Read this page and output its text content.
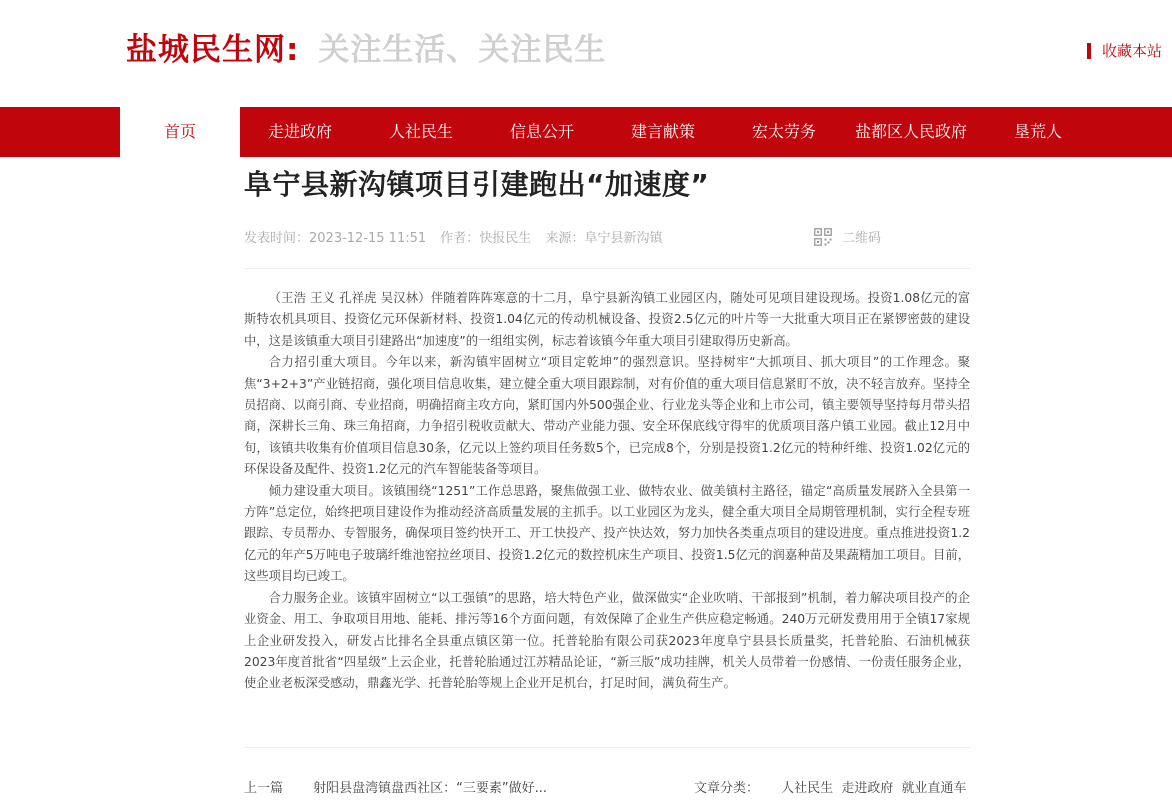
盐城民生网 : 关注生活、关注民生	收藏本站
首页	走进政府	人社民生	信息公开	建言献策	宏太劳务	盐都区人民政府	垦荒人
阜宁县新沟镇项目引建跑出“加速度”
发表时间：2023-12-15 11:51 作者：快报民生 来源：阜宁县新沟镇	二维码

（王浩 王义 孔祥虎 吴汉林）伴随着阵阵寒意的十二月，阜宁县新沟镇工业园区内，随处可见项目建设现场。投资1.08亿元的富斯特农机具项目、投资亿元环保新材料、投资1.04亿元的传动机械设备、投资2.5亿元的叶片等一大批重大项目正在紧锣密鼓的建设中，这是该镇重大项目引建路出“加速度”的一组组实例，标志着该镇今年重大项目引建取得历史新高。

合力招引重大项目。今年以来，新沟镇牢固树立“项目定乾坤”的强烈意识。坚持树牢“大抓项目、抓大项目”的工作理念。聚焦“3+2+3”产业链招商，强化项目信息收集，建立健全重大项目跟踪制，对有价值的重大项目信息紧盯不放，决不轻言放弃。坚持全员招商、以商引商、专业招商，明确招商主攻方向，紧盯国内外500强企业、行业龙头等企业和上市公司，镇主要领导坚持每月带头招商，深耕长三角、珠三角招商，力争招引税收贡献大、带动产业能力强、安全环保底线守得牢的优质项目落户镇工业园。截止12月中旬，该镇共收集有价值项目信息30条，亿元以上签约项目任务数5个，已完成8个，分别是投资1.2亿元的特种纤维、投资1.02亿元的环保设备及配件、投资1.2亿元的汽车智能装备等项目。

倾力建设重大项目。该镇围绕“1251”工作总思路，聚焦做强工业、做特农业、做美镇村主路径，锚定“高质量发展跻入全县第一方阵”总定位，始终把项目建设作为推动经济高质量发展的主抓手。以工业园区为龙头，健全重大项目全局期管理机制，实行全程专班跟踪、专员帮办、专智服务，确保项目签约快开工、开工快投产、投产快达效，努力加快各类重点项目的建设进度。重点推进投资1.2亿元的年产5万吨电子玻璃纤维池窑拉丝项目、投资1.2亿元的数控机床生产项目、投资1.5亿元的润嘉种苗及果蔬精加工项目。目前，这些项目均已竣工。

合力服务企业。该镇牢固树立“以工强镇”的思路，培大特色产业，做深做实“企业吹哨、干部报到”机制，着力解决项目投产的企业资金、用工、争取项目用地、能耗、排污等16个方面问题，有效保障了企业生产供应稳定畅通。240万元研发费用用于全镇17家规上企业研发投入，研发占比排名全县重点镇区第一位。托普轮胎有限公司获2023年度阜宁县县长质量奖，托普轮胎、石油机械获2023年度首批省“四星级”上云企业，托普轮胎通过江苏精品论证，“新三版”成功挂牌，机关人员带着一份感情、一份责任服务企业，使企业老板深受感动，鼎鑫光学、托普轮胎等规上企业开足机台，打足时间，满负荷生产。

上一篇 射阳县盘湾镇盘西社区：“三要素”做好...	文章分类： 人社民生 走进政府 就业直通车
